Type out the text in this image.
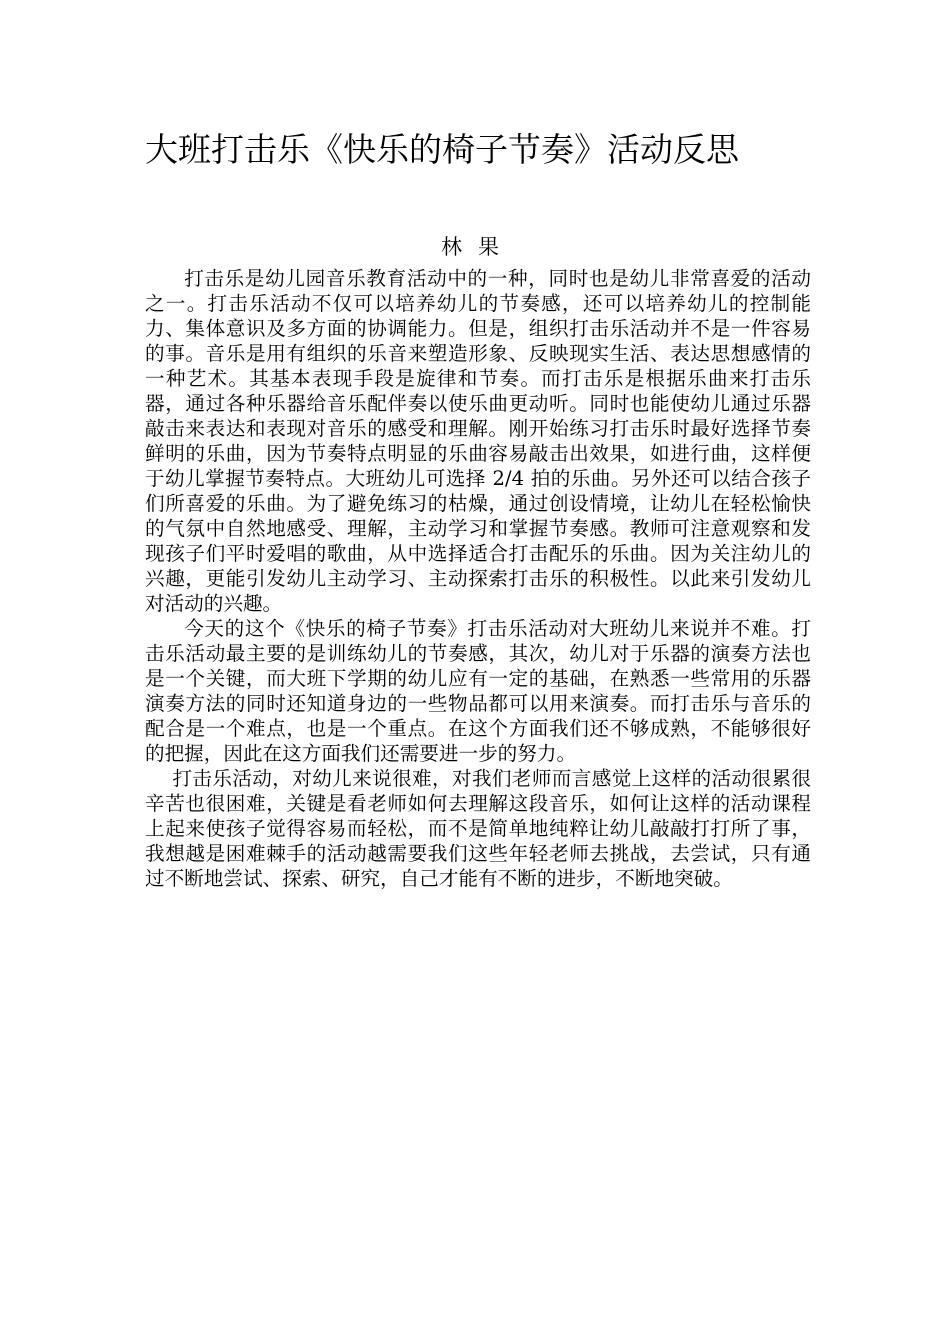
大班打击乐《快乐的椅子节奏》活动反思
林果

打击乐是幼儿园音乐教育活动中的一种，同时也是幼儿非常喜爱的活动之一。打击乐活动不仅可以培养幼儿的节奏感，还可以培养幼儿的控制能力、集体意识及多方面的协调能力。但是，组织打击乐活动并不是一件容易的事。音乐是用有组织的乐音来塑造形象、反映现实生活、表达思想感情的一种艺术。其基本表现手段是旋律和节奏。而打击乐是根据乐曲来打击乐器，通过各种乐器给音乐配伴奏以使乐曲更动听。同时也能使幼儿通过乐器敲击来表达和表现对音乐的感受和理解。刚开始练习打击乐时最好选择节奏鲜明的乐曲，因为节奏特点明显的乐曲容易敲击出效果，如进行曲，这样便于幼儿掌握节奏特点。大班幼儿可选择 2/4 拍的乐曲。另外还可以结合孩子们所喜爱的乐曲。为了避免练习的枯燥，通过创设情境，让幼儿在轻松愉快的气氛中自然地感受、理解，主动学习和掌握节奏感。教师可注意观察和发现孩子们平时爱唱的歌曲，从中选择适合打击配乐的乐曲。因为关注幼儿的兴趣，更能引发幼儿主动学习、主动探索打击乐的积极性。以此来引发幼儿对活动的兴趣。

今天的这个《快乐的椅子节奏》打击乐活动对大班幼儿来说并不难。打击乐活动最主要的是训练幼儿的节奏感，其次，幼儿对于乐器的演奏方法也是一个关键，而大班下学期的幼儿应有一定的基础，在熟悉一些常用的乐器演奏方法的同时还知道身边的一些物品都可以用来演奏。而打击乐与音乐的配合是一个难点，也是一个重点。在这个方面我们还不够成熟，不能够很好的把握，因此在这方面我们还需要进一步的努力。

打击乐活动，对幼儿来说很难，对我们老师而言感觉上这样的活动很累很辛苦也很困难，关键是看老师如何去理解这段音乐，如何让这样的活动课程上起来使孩子觉得容易而轻松，而不是简单地纯粹让幼儿敲敲打打所了事，我想越是困难棘手的活动越需要我们这些年轻老师去挑战，去尝试，只有通过不断地尝试、探索、研究，自己才能有不断的进步，不断地突破。
